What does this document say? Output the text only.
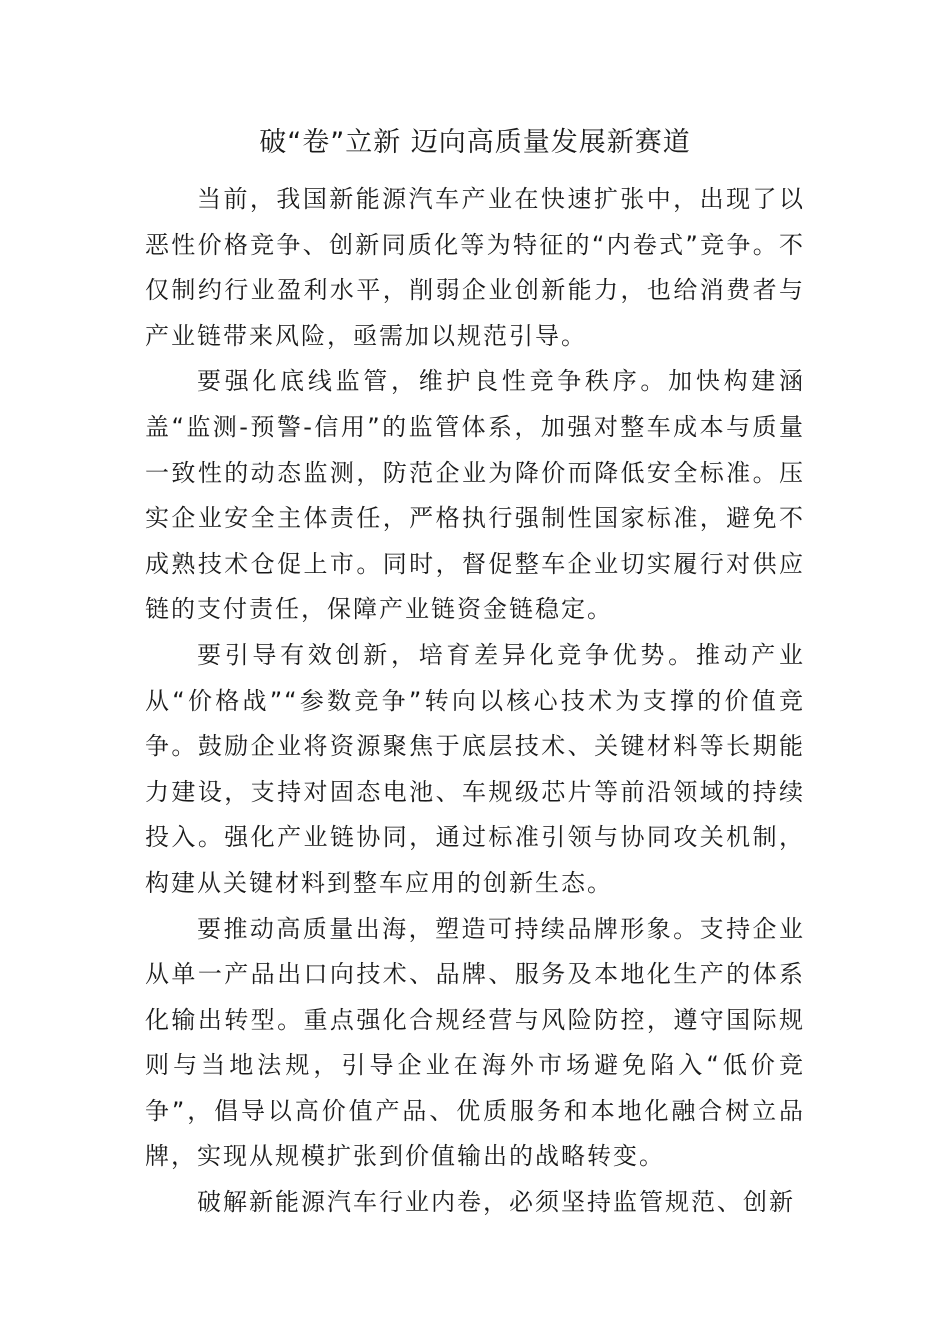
破“卷”立新 迈向高质量发展新赛道

当前，我国新能源汽车产业在快速扩张中，出现了以恶性价格竞争、创新同质化等为特征的“内卷式”竞争。不仅制约行业盈利水平，削弱企业创新能力，也给消费者与产业链带来风险，亟需加以规范引导。

要强化底线监管，维护良性竞争秩序。加快构建涵盖“监测-预警-信用”的监管体系，加强对整车成本与质量一致性的动态监测，防范企业为降价而降低安全标准。压实企业安全主体责任，严格执行强制性国家标准，避免不成熟技术仓促上市。同时，督促整车企业切实履行对供应链的支付责任，保障产业链资金链稳定。

要引导有效创新，培育差异化竞争优势。推动产业从“价格战”“参数竞争”转向以核心技术为支撑的价值竞争。鼓励企业将资源聚焦于底层技术、关键材料等长期能力建设，支持对固态电池、车规级芯片等前沿领域的持续投入。强化产业链协同，通过标准引领与协同攻关机制，构建从关键材料到整车应用的创新生态。

要推动高质量出海，塑造可持续品牌形象。支持企业从单一产品出口向技术、品牌、服务及本地化生产的体系化输出转型。重点强化合规经营与风险防控，遵守国际规则与当地法规，引导企业在海外市场避免陷入“低价竞争”，倡导以高价值产品、优质服务和本地化融合树立品牌，实现从规模扩张到价值输出的战略转变。

破解新能源汽车行业内卷，必须坚持监管规范、创新
